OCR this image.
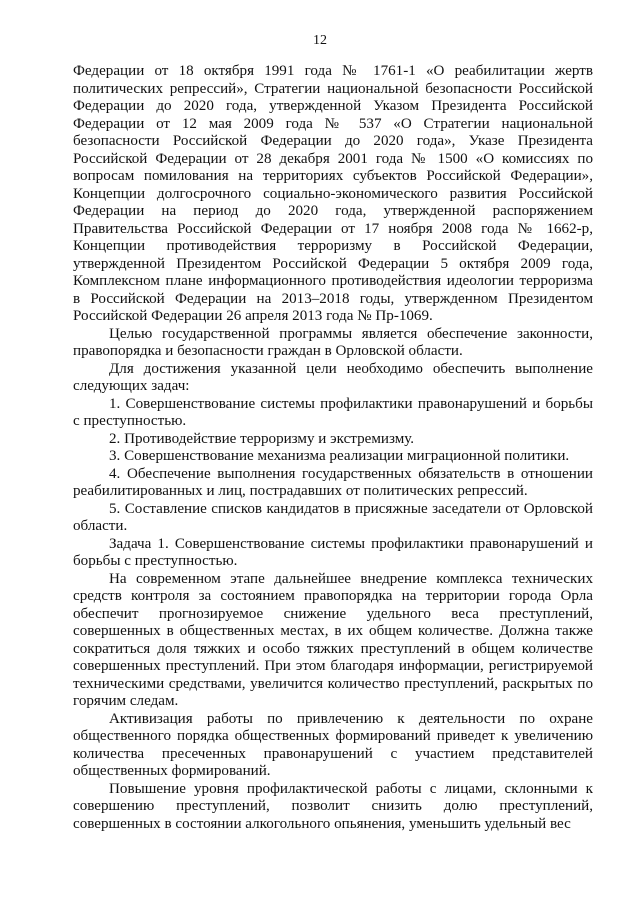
12

Федерации от 18 октября 1991 года № 1761-1 «О реабилитации жертв политических репрессий», Стратегии национальной безопасности Российской Федерации до 2020 года, утвержденной Указом Президента Российской Федерации от 12 мая 2009 года № 537 «О Стратегии национальной безопасности Российской Федерации до 2020 года», Указе Президента Российской Федерации от 28 декабря 2001 года № 1500 «О комиссиях по вопросам помилования на территориях субъектов Российской Федерации», Концепции долгосрочного социально-экономического развития Российской Федерации на период до 2020 года, утвержденной распоряжением Правительства Российской Федерации от 17 ноября 2008 года № 1662-р, Концепции противодействия терроризму в Российской Федерации, утвержденной Президентом Российской Федерации 5 октября 2009 года, Комплексном плане информационного противодействия идеологии терроризма в Российской Федерации на 2013–2018 годы, утвержденном Президентом Российской Федерации 26 апреля 2013 года № Пр-1069.

Целью государственной программы является обеспечение законности, правопорядка и безопасности граждан в Орловской области.

Для достижения указанной цели необходимо обеспечить выполнение следующих задач:

1. Совершенствование системы профилактики правонарушений и борьбы с преступностью.

2. Противодействие терроризму и экстремизму.

3. Совершенствование механизма реализации миграционной политики.

4. Обеспечение выполнения государственных обязательств в отношении реабилитированных и лиц, пострадавших от политических репрессий.

5. Составление списков кандидатов в присяжные заседатели от Орловской области.

Задача 1. Совершенствование системы профилактики правонарушений и борьбы с преступностью.

На современном этапе дальнейшее внедрение комплекса технических средств контроля за состоянием правопорядка на территории города Орла обеспечит прогнозируемое снижение удельного веса преступлений, совершенных в общественных местах, в их общем количестве. Должна также сократиться доля тяжких и особо тяжких преступлений в общем количестве совершенных преступлений. При этом благодаря информации, регистрируемой техническими средствами, увеличится количество преступлений, раскрытых по горячим следам.

Активизация работы по привлечению к деятельности по охране общественного порядка общественных формирований приведет к увеличению количества пресеченных правонарушений с участием представителей общественных формирований.

Повышение уровня профилактической работы с лицами, склонными к совершению преступлений, позволит снизить долю преступлений, совершенных в состоянии алкогольного опьянения, уменьшить удельный вес
